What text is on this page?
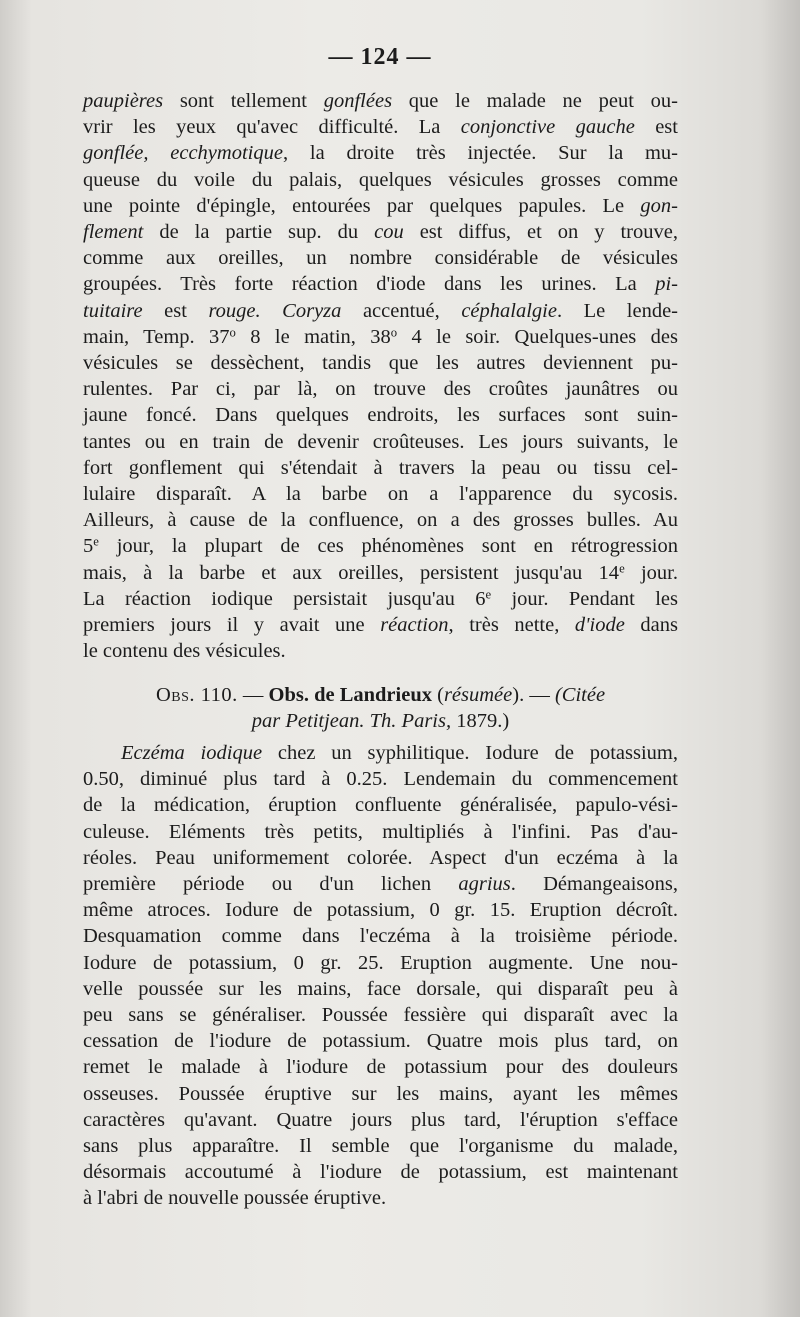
— 124 —
paupières sont tellement gonflées que le malade ne peut ou-
vrir les yeux qu'avec difficulté. La conjonctive gauche est
gonflée, ecchymotique, la droite très injectée. Sur la mu-
queuse du voile du palais, quelques vésicules grosses comme
une pointe d'épingle, entourées par quelques papules. Le gon-
flement de la partie sup. du cou est diffus, et on y trouve,
comme aux oreilles, un nombre considérable de vésicules
groupées. Très forte réaction d'iode dans les urines. La pi-
tuitaire est rouge. Coryza accentué, céphalalgie. Le lende-
main, Temp. 37$^o$ 8 le matin, 38$^o$ 4 le soir. Quelques-unes des
vésicules se dessèchent, tandis que les autres deviennent pu-
rulentes. Par ci, par là, on trouve des croûtes jaunâtres ou
jaune foncé. Dans quelques endroits, les surfaces sont suin-
tantes ou en train de devenir croûteuses. Les jours suivants, le
fort gonflement qui s'étendait à travers la peau ou tissu cel-
lulaire disparaît. A la barbe on a l'apparence du sycosis.
Ailleurs, à cause de la confluence, on a des grosses bulles. Au
5e jour, la plupart de ces phénomènes sont en rétrogression
mais, à la barbe et aux oreilles, persistent jusqu'au 14e jour.
La réaction iodique persistait jusqu'au 6e jour. Pendant les
premiers jours il y avait une réaction, très nette, d'iode dans
le contenu des vésicules.
Obs. 110. — Obs. de Landrieux (résumée). — (Citée
par Petitjean. Th. Paris, 1879.)
Eczéma iodique chez un syphilitique. Iodure de potassium,
0.50, diminué plus tard à 0.25. Lendemain du commencement
de la médication, éruption confluente généralisée, papulo-vési-
culeuse. Eléments très petits, multipliés à l'infini. Pas d'au-
réoles. Peau uniformement colorée. Aspect d'un eczéma à la
première période ou d'un lichen agrius. Démangeaisons,
même atroces. Iodure de potassium, 0 gr. 15. Eruption décroît.
Desquamation comme dans l'eczéma à la troisième période.
Iodure de potassium, 0 gr. 25. Eruption augmente. Une nou-
velle poussée sur les mains, face dorsale, qui disparaît peu à
peu sans se généraliser. Poussée fessière qui disparaît avec la
cessation de l'iodure de potassium. Quatre mois plus tard, on
remet le malade à l'iodure de potassium pour des douleurs
osseuses. Poussée éruptive sur les mains, ayant les mêmes
caractères qu'avant. Quatre jours plus tard, l'éruption s'efface
sans plus apparaître. Il semble que l'organisme du malade,
désormais accoutumé à l'iodure de potassium, est maintenant
à l'abri de nouvelle poussée éruptive.
